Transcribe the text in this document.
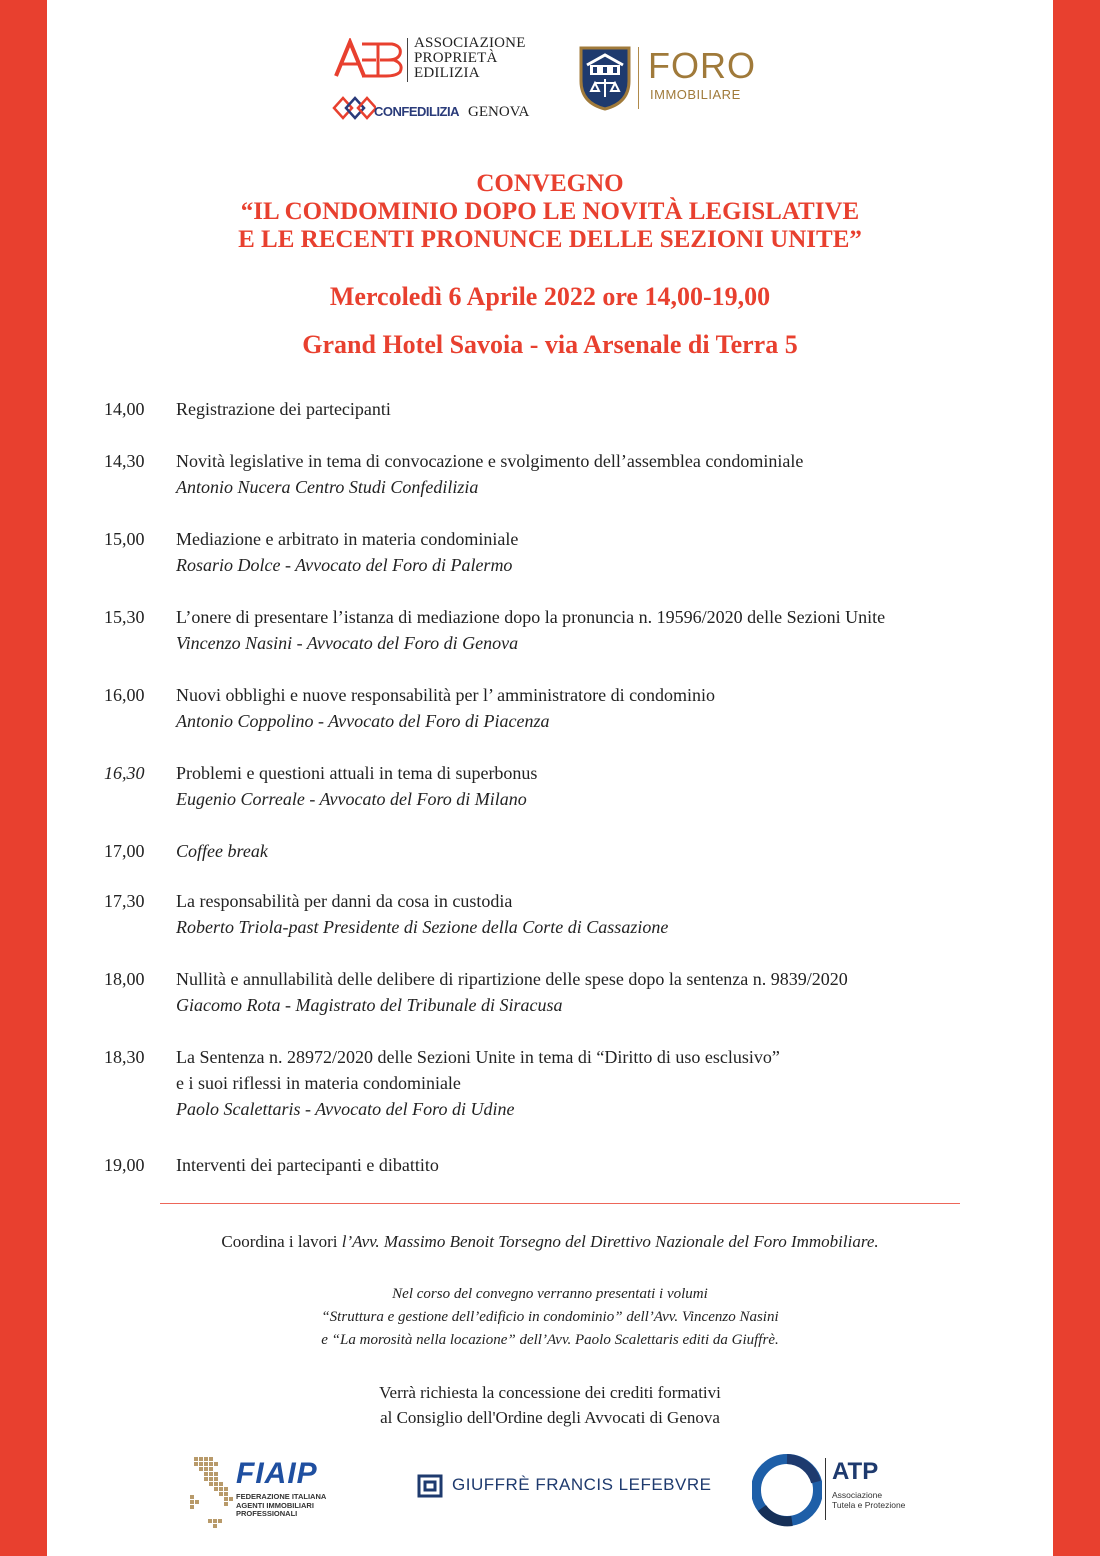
ASSOCIAZIONE
PROPRIETÀ
EDILIZIA
CONFEDILIZIA GENOVA
FORO
IMMOBILIARE
CONVEGNO
“IL CONDOMINIO DOPO LE NOVITÀ LEGISLATIVE
E LE RECENTI PRONUNCE DELLE SEZIONI UNITE”
Mercoledì 6 Aprile 2022 ore 14,00-19,00
Grand Hotel Savoia - via Arsenale di Terra 5
14,00	Registrazione dei partecipanti
14,30	Novità legislative in tema di convocazione e svolgimento dell’assemblea condominiale
Antonio Nucera Centro Studi Confedilizia
15,00	Mediazione e arbitrato in materia condominiale
Rosario Dolce - Avvocato del Foro di Palermo
15,30	L’onere di presentare l’istanza di mediazione dopo la pronuncia n. 19596/2020 delle Sezioni Unite
Vincenzo Nasini - Avvocato del Foro di Genova
16,00	Nuovi obblighi e nuove responsabilità per l’ amministratore di condominio
Antonio Coppolino - Avvocato del Foro di Piacenza
16,30	Problemi e questioni attuali in tema di superbonus
Eugenio Correale - Avvocato del Foro di Milano
17,00	Coffee break
17,30	La responsabilità per danni da cosa in custodia
Roberto Triola-past Presidente di Sezione della Corte di Cassazione
18,00	Nullità e annullabilità delle delibere di ripartizione delle spese dopo la sentenza n. 9839/2020
Giacomo Rota - Magistrato del Tribunale di Siracusa
18,30	La Sentenza n. 28972/2020 delle Sezioni Unite in tema di “Diritto di uso esclusivo”
e i suoi riflessi in materia condominiale
Paolo Scalettaris - Avvocato del Foro di Udine
19,00	Interventi dei partecipanti e dibattito
Coordina i lavori l’Avv. Massimo Benoit Torsegno del Direttivo Nazionale del Foro Immobiliare.
Nel corso del convegno verranno presentati i volumi
“Struttura e gestione dell’edificio in condominio” dell’Avv. Vincenzo Nasini
e “La morosità nella locazione” dell’Avv. Paolo Scalettaris editi da Giuffrè.
Verrà richiesta la concessione dei crediti formativi
al Consiglio dell'Ordine degli Avvocati di Genova
FIAIP
FEDERAZIONE ITALIANA
AGENTI IMMOBILIARI
PROFESSIONALI
GIUFFRÈ FRANCIS LEFEBVRE	ATP
Associazione
Tutela e Protezione
